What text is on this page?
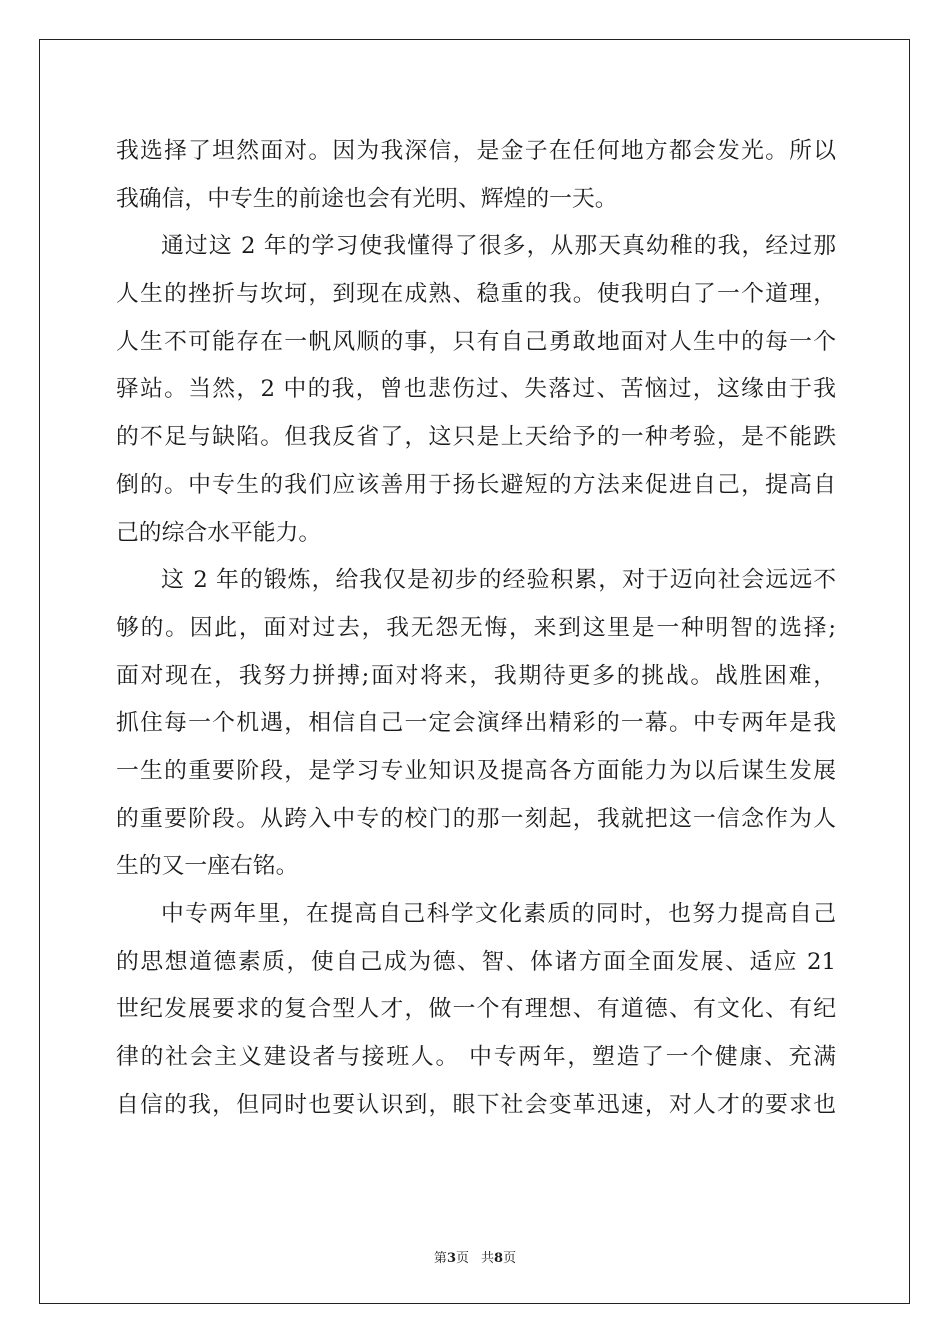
我选择了坦然面对。因为我深信，是金子在任何地方都会发光。所以
我确信，中专生的前途也会有光明、辉煌的一天。
通过这 2 年的学习使我懂得了很多，从那天真幼稚的我，经过那
人生的挫折与坎坷，到现在成熟、稳重的我。使我明白了一个道理，
人生不可能存在一帆风顺的事，只有自己勇敢地面对人生中的每一个
驿站。当然，2 中的我，曾也悲伤过、失落过、苦恼过，这缘由于我
的不足与缺陷。但我反省了，这只是上天给予的一种考验，是不能跌
倒的。中专生的我们应该善用于扬长避短的方法来促进自己，提高自
己的综合水平能力。
这 2 年的锻炼，给我仅是初步的经验积累，对于迈向社会远远不
够的。因此，面对过去，我无怨无悔，来到这里是一种明智的选择;
面对现在，我努力拼搏;面对将来，我期待更多的挑战。战胜困难，
抓住每一个机遇，相信自己一定会演绎出精彩的一幕。中专两年是我
一生的重要阶段，是学习专业知识及提高各方面能力为以后谋生发展
的重要阶段。从跨入中专的校门的那一刻起，我就把这一信念作为人
生的又一座右铭。
中专两年里，在提高自己科学文化素质的同时，也努力提高自己
的思想道德素质，使自己成为德、智、体诸方面全面发展、适应 21
世纪发展要求的复合型人才，做一个有理想、有道德、有文化、有纪
律的社会主义建设者与接班人。 中专两年，塑造了一个健康、充满
自信的我，但同时也要认识到，眼下社会变革迅速，对人才的要求也
第3页 共8页
